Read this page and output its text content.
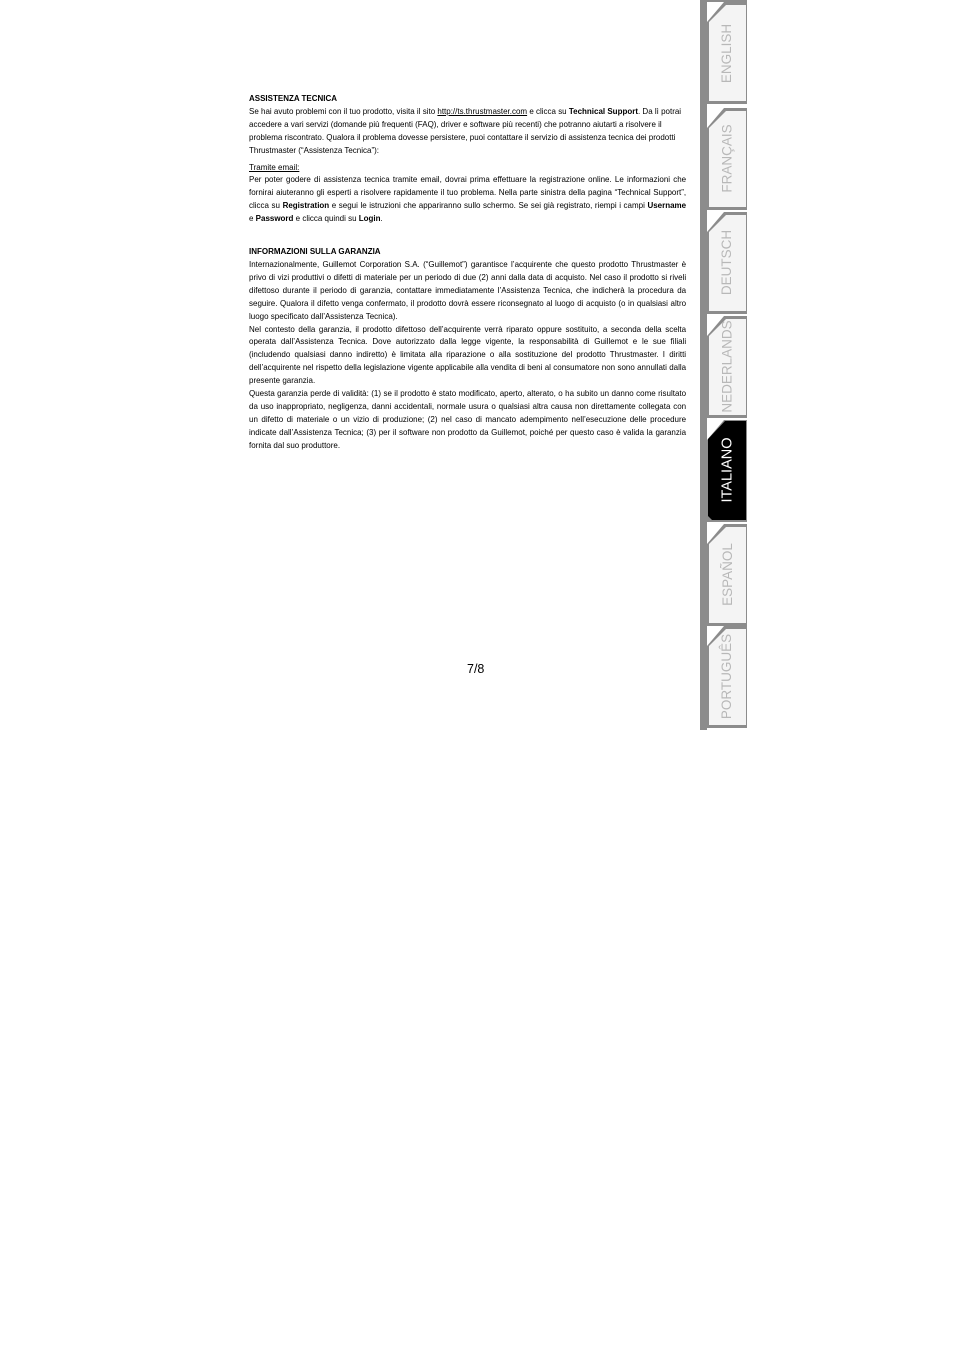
ASSISTENZA TECNICA

Se hai avuto problemi con il tuo prodotto, visita il sito http://ts.thrustmaster.com e clicca su Technical Support. Da lì potrai accedere a vari servizi (domande più frequenti (FAQ), driver e software più recenti) che potranno aiutarti a risolvere il problema riscontrato. Qualora il problema dovesse persistere, puoi contattare il servizio di assistenza tecnica dei prodotti Thrustmaster (“Assistenza Tecnica”):

Tramite email:

Per poter godere di assistenza tecnica tramite email, dovrai prima effettuare la registrazione online. Le informazioni che fornirai aiuteranno gli esperti a risolvere rapidamente il tuo problema. Nella parte sinistra della pagina “Technical Support”, clicca su Registration e segui le istruzioni che appariranno sullo schermo. Se sei già registrato, riempi i campi Username e Password e clicca quindi su Login.

INFORMAZIONI SULLA GARANZIA

Internazionalmente, Guillemot Corporation S.A. (“Guillemot”) garantisce l’acquirente che questo prodotto Thrustmaster è privo di vizi produttivi o difetti di materiale per un periodo di due (2) anni dalla data di acquisto. Nel caso il prodotto si riveli difettoso durante il periodo di garanzia, contattare immediatamente l’Assistenza Tecnica, che indicherà la procedura da seguire. Qualora il difetto venga confermato, il prodotto dovrà essere riconsegnato al luogo di acquisto (o in qualsiasi altro luogo specificato dall’Assistenza Tecnica).

Nel contesto della garanzia, il prodotto difettoso dell’acquirente verrà riparato oppure sostituito, a seconda della scelta operata dall’Assistenza Tecnica. Dove autorizzato dalla legge vigente, la responsabilità di Guillemot e le sue filiali (includendo qualsiasi danno indiretto) è limitata alla riparazione o alla sostituzione del prodotto Thrustmaster. I diritti dell’acquirente nel rispetto della legislazione vigente applicabile alla vendita di beni al consumatore non sono annullati dalla presente garanzia.

Questa garanzia perde di validità: (1) se il prodotto è stato modificato, aperto, alterato, o ha subito un danno come risultato da uso inappropriato, negligenza, danni accidentali, normale usura o qualsiasi altra causa non direttamente collegata con un difetto di materiale o un vizio di produzione; (2) nel caso di mancato adempimento nell’esecuzione delle procedure indicate dall’Assistenza Tecnica; (3) per il software non prodotto da Guillemot, poiché per questo caso è valida la garanzia fornita dal suo produttore.

7/8
ENGLISH
FRANÇAIS
DEUTSCH
NEDERLANDS
ITALIANO
ESPAÑOL
PORTUGUÊS
